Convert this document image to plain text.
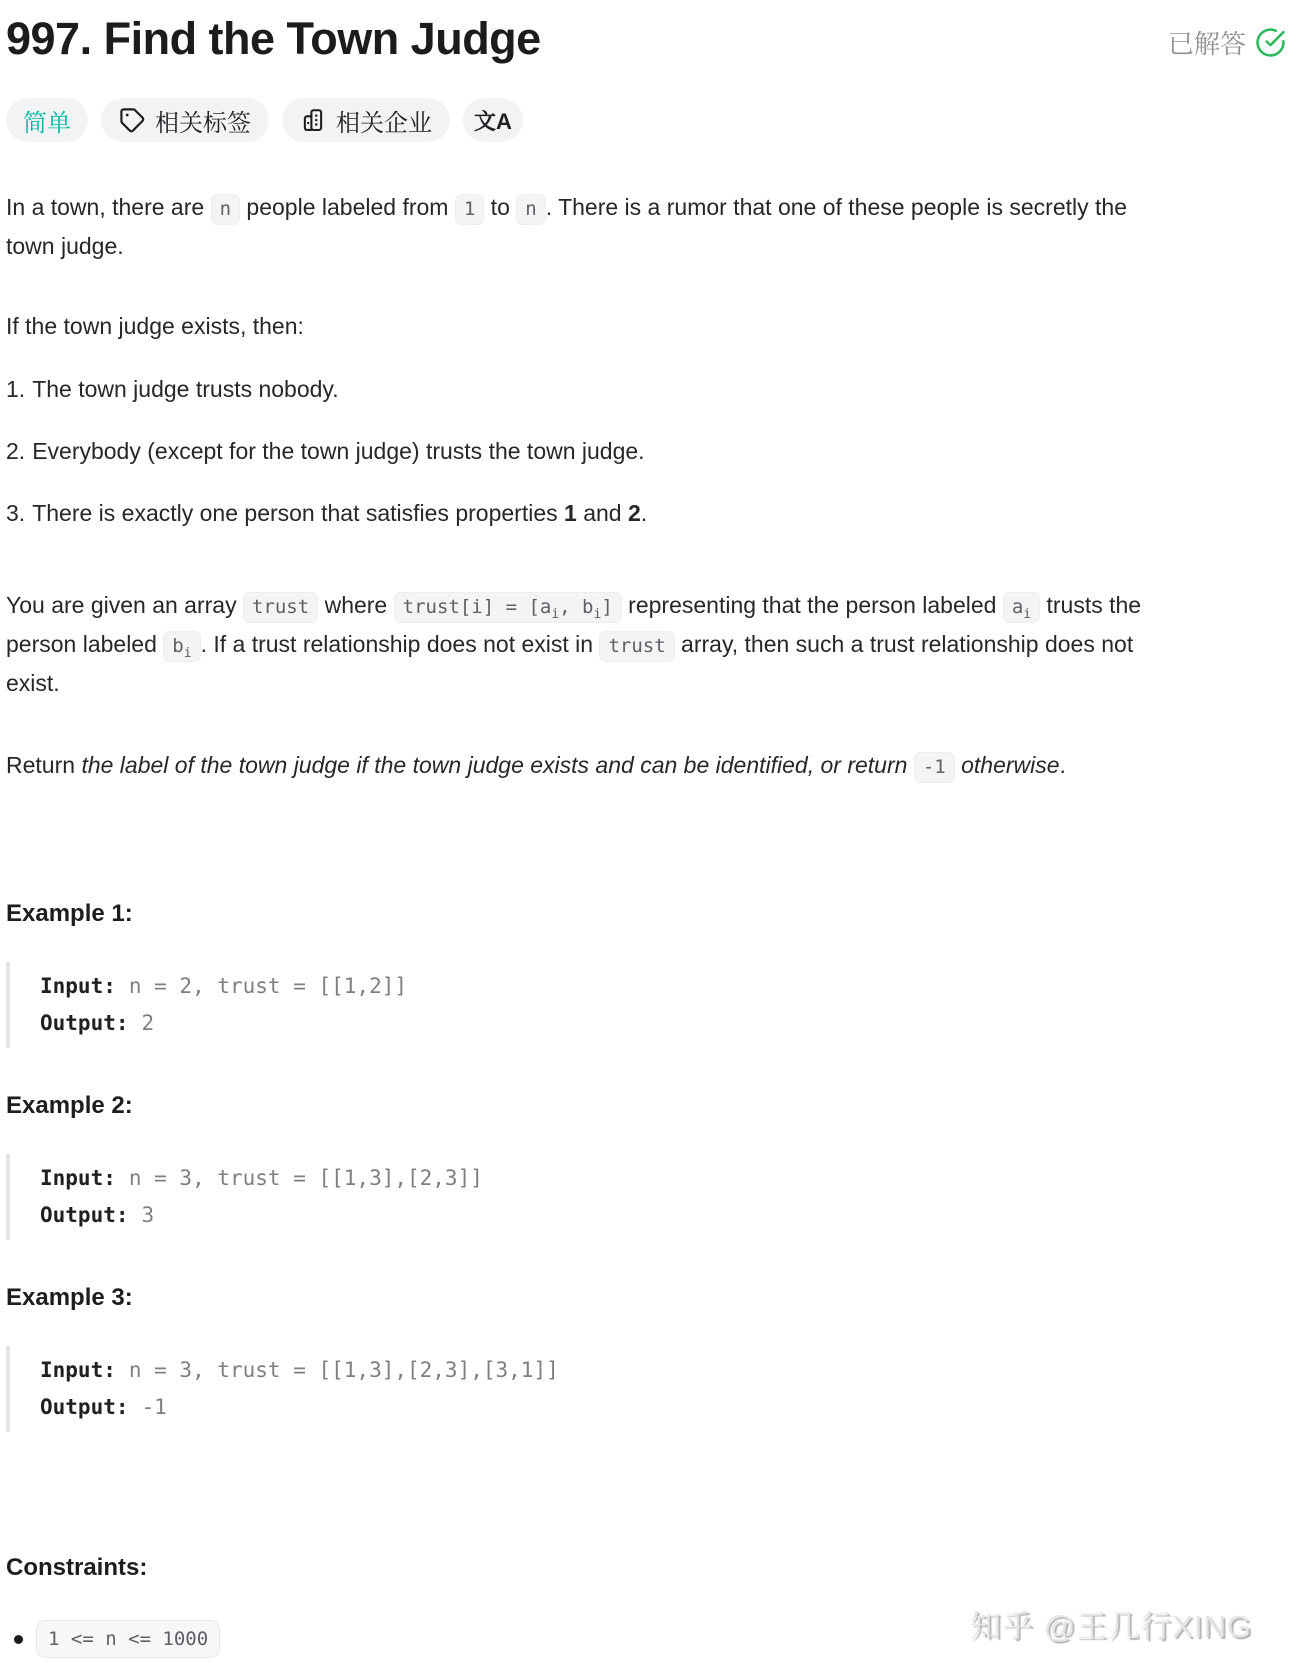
997. Find the Town Judge	已解答
简单	相关标签	相关企业 文A

In a town, there are n people labeled from 1 to n . There is a rumor that one of these people is secretly the town judge.

If the town judge exists, then:

1. The town judge trusts nobody.
2. Everybody (except for the town judge) trusts the town judge.
3. There is exactly one person that satisfies properties 1 and 2.

You are given an array trust where trust[i] = [$a_i$, $b_i$] representing that the person labeled $a_i$ trusts the person labeled $b_i$ . If a trust relationship does not exist in trust array, then such a trust relationship does not exist.

Return the label of the town judge if the town judge exists and can be identified, or return -1 otherwise.

Example 1:
Input: n = 2, trust = [[1,2]]
Output: 2
Example 2:
Input: n = 3, trust = [[1,3],[2,3]]
Output: 3
Example 3:
Input: n = 3, trust = [[1,3],[2,3],[3,1]]
Output: -1
Constraints:
1 <= n <= 1000	知乎 @王几行XING
